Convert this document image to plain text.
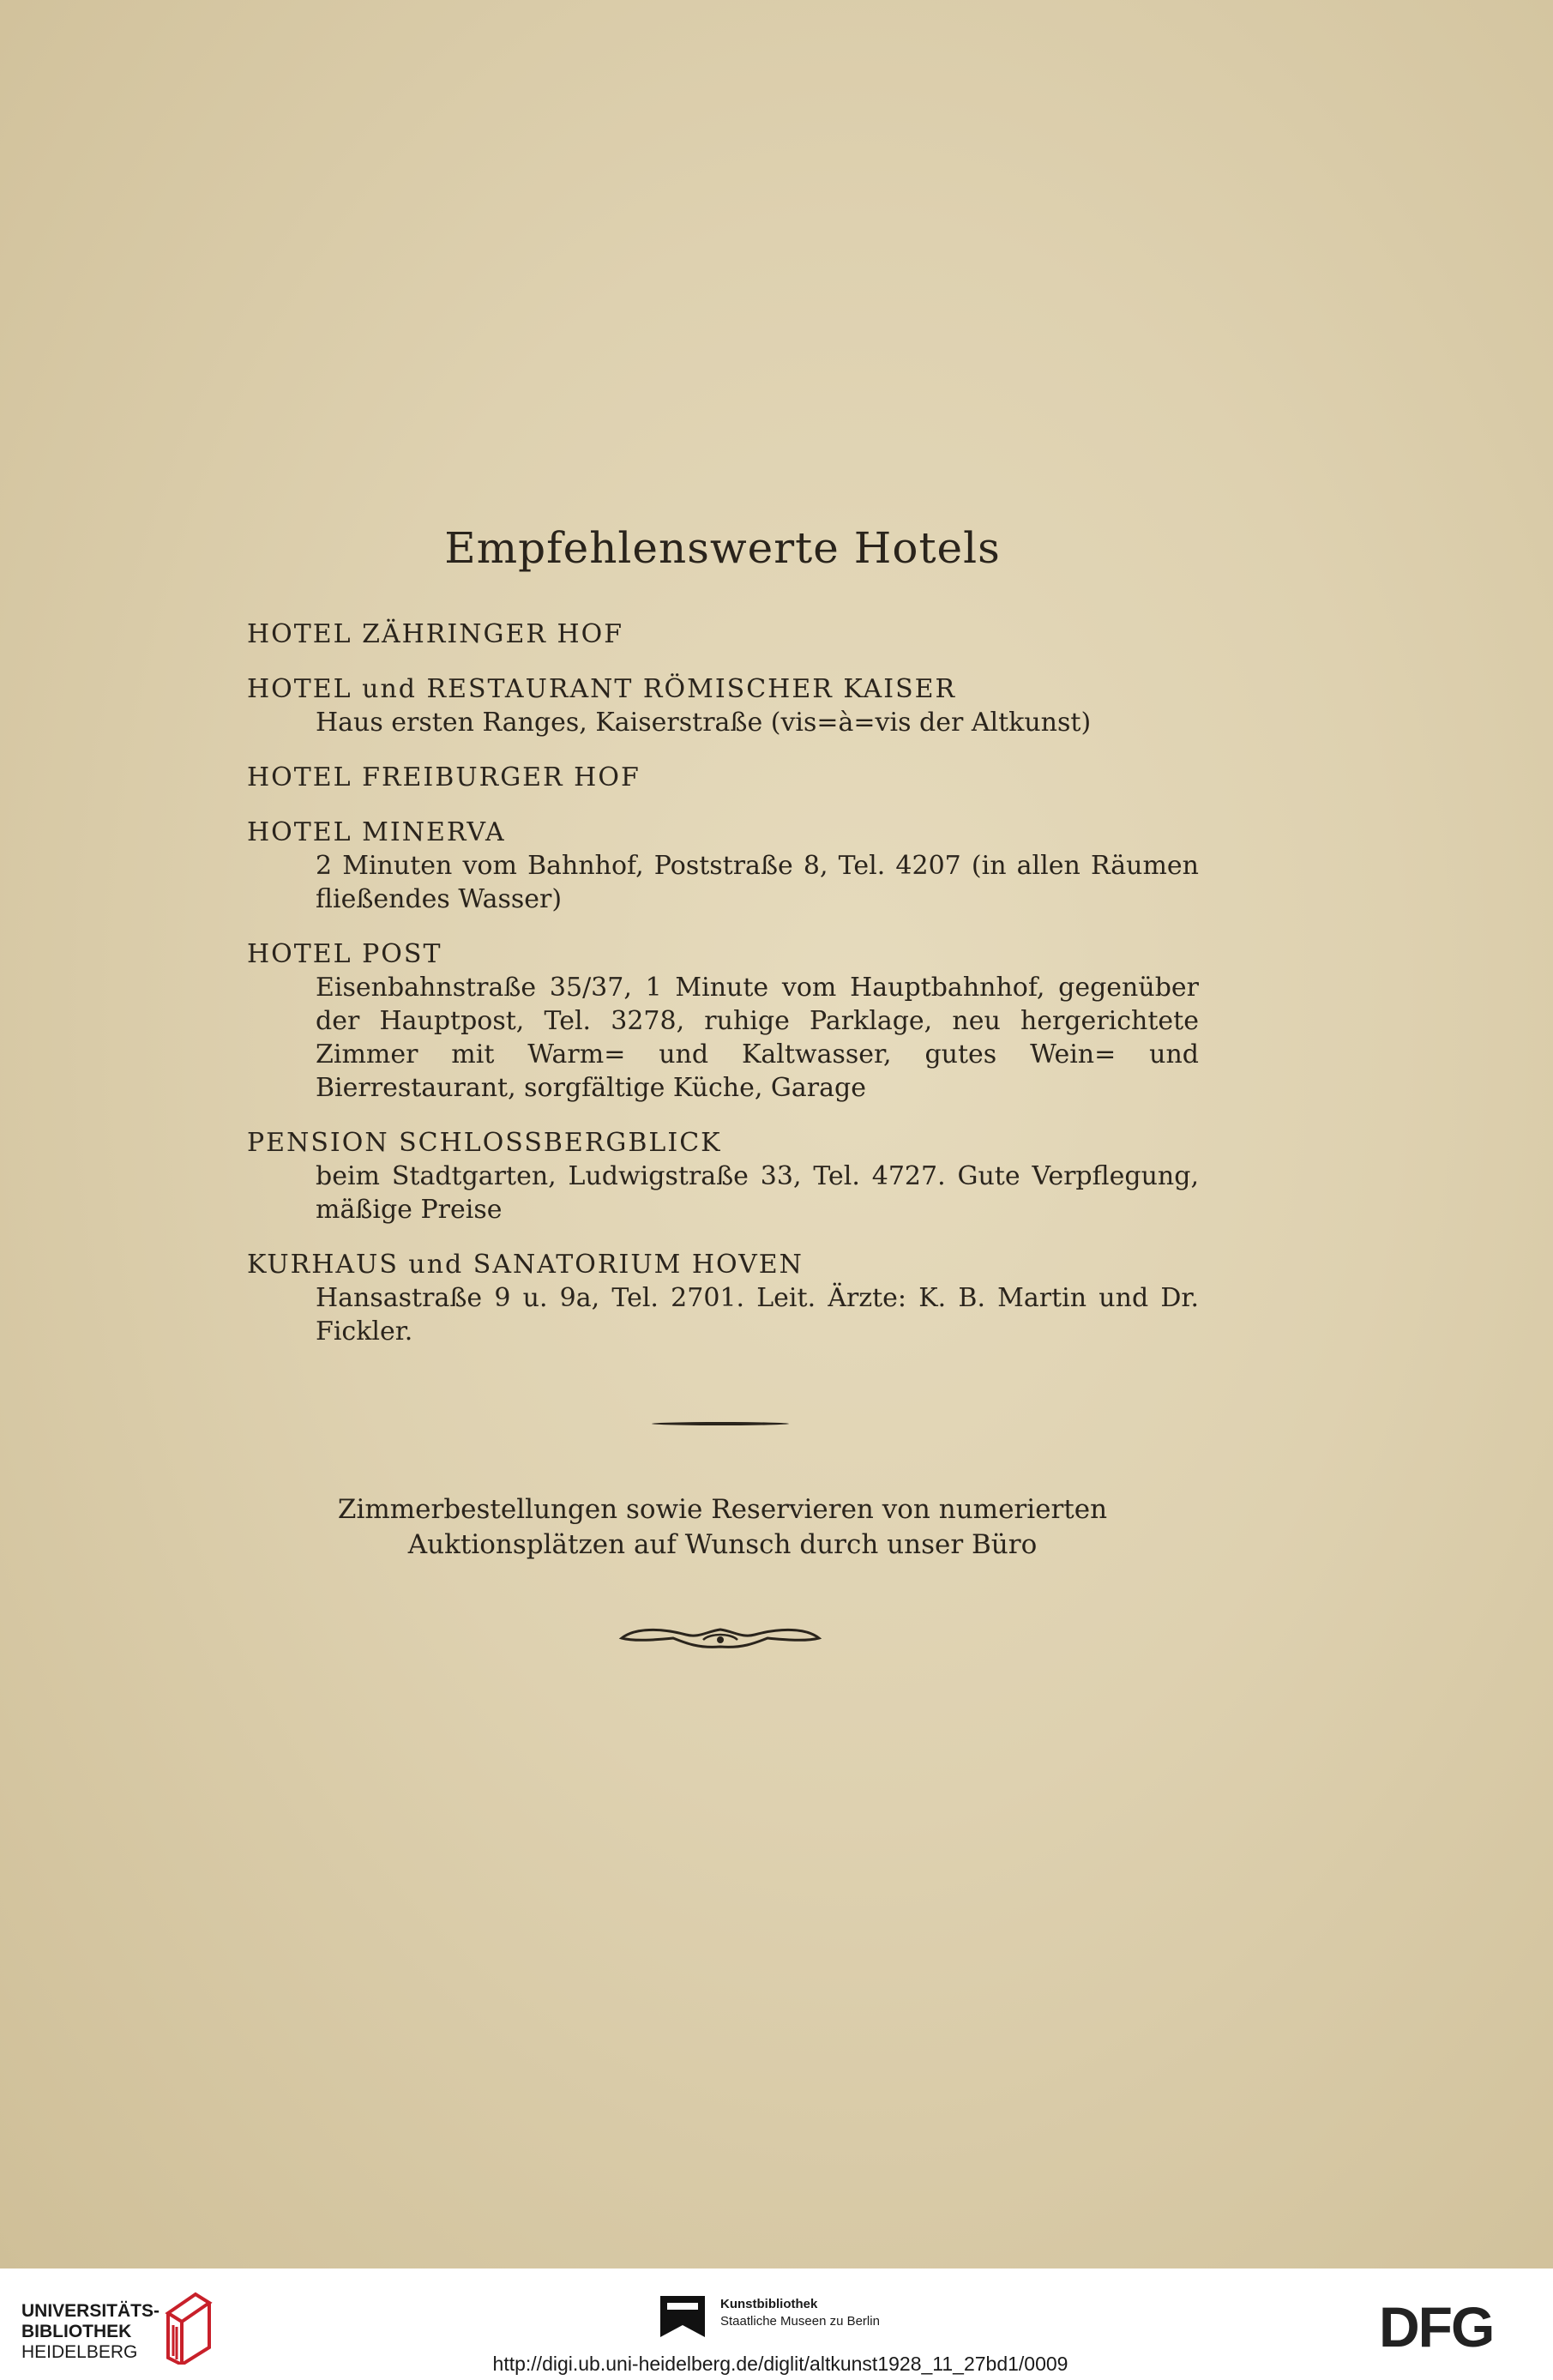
Empfehlenswerte Hotels
HOTEL ZÄHRINGER HOF
HOTEL und RESTAURANT RÖMISCHER KAISER
Haus ersten Ranges, Kaiserstraße (vis=à=vis der Altkunst)
HOTEL FREIBURGER HOF
HOTEL MINERVA
2 Minuten vom Bahnhof, Poststraße 8, Tel. 4207 (in allen Räumen fließendes Wasser)
HOTEL POST
Eisenbahnstraße 35/37, 1 Minute vom Hauptbahnhof, gegenüber der Hauptpost, Tel. 3278, ruhige Parklage, neu hergerichtete Zimmer mit Warm= und Kaltwasser, gutes Wein= und Bierrestaurant, sorgfältige Küche, Garage
PENSION SCHLOSSBERGBLICK
beim Stadtgarten, Ludwigstraße 33, Tel. 4727. Gute Verpflegung, mäßige Preise
KURHAUS und SANATORIUM HOVEN
Hansastraße 9 u. 9a, Tel. 2701. Leit. Ärzte: K. B. Martin und Dr. Fickler.
Zimmerbestellungen sowie Reservieren von numerierten
Auktionsplätzen auf Wunsch durch unser Büro
UNIVERSITÄTS-
BIBLIOTHEK
HEIDELBERG
Kunstbibliothek
Staatliche Museen zu Berlin	DFG
http://digi.ub.uni-heidelberg.de/diglit/altkunst1928_11_27bd1/0009
